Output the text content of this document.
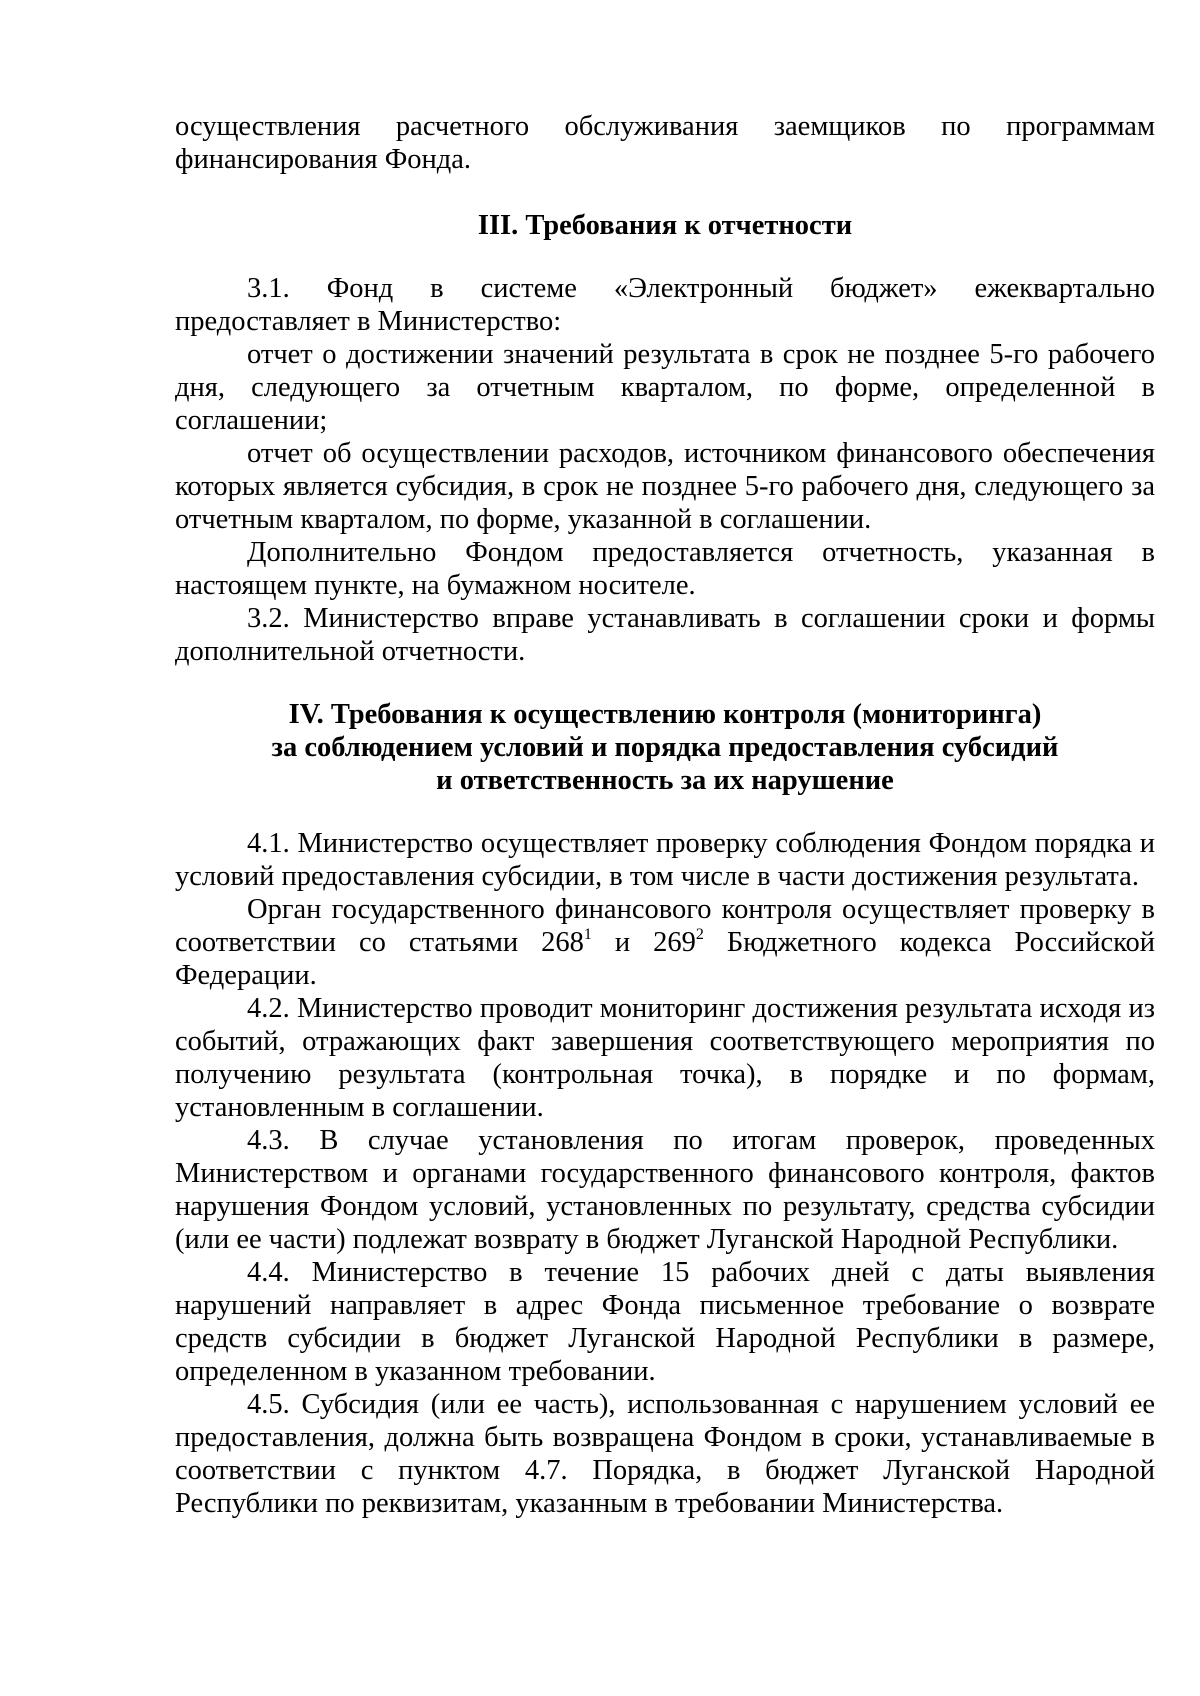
осуществления расчетного обслуживания заемщиков по программам финансирования Фонда.

III. Требования к отчетности

3.1. Фонд в системе «Электронный бюджет» ежеквартально предоставляет в Министерство:

отчет о достижении значений результата в срок не позднее 5-го рабочего дня, следующего за отчетным кварталом, по форме, определенной в соглашении;

отчет об осуществлении расходов, источником финансового обеспечения которых является субсидия, в срок не позднее 5-го рабочего дня, следующего за отчетным кварталом, по форме, указанной в соглашении.

Дополнительно Фондом предоставляется отчетность, указанная в настоящем пункте, на бумажном носителе.

3.2. Министерство вправе устанавливать в соглашении сроки и формы дополнительной отчетности.

IV. Требования к осуществлению контроля (мониторинга)
за соблюдением условий и порядка предоставления субсидий
и ответственность за их нарушение

4.1. Министерство осуществляет проверку соблюдения Фондом порядка и условий предоставления субсидии, в том числе в части достижения результата.

Орган государственного финансового контроля осуществляет проверку в соответствии со статьями $268^1$ и $269^2$ Бюджетного кодекса Российской Федерации.

4.2. Министерство проводит мониторинг достижения результата исходя из событий, отражающих факт завершения соответствующего мероприятия по получению результата (контрольная точка), в порядке и по формам, установленным в соглашении.

4.3. В случае установления по итогам проверок, проведенных Министерством и органами государственного финансового контроля, фактов нарушения Фондом условий, установленных по результату, средства субсидии (или ее части) подлежат возврату в бюджет Луганской Народной Республики.

4.4. Министерство в течение 15 рабочих дней с даты выявления нарушений направляет в адрес Фонда письменное требование о возврате средств субсидии в бюджет Луганской Народной Республики в размере, определенном в указанном требовании.

4.5. Субсидия (или ее часть), использованная с нарушением условий ее предоставления, должна быть возвращена Фондом в сроки, устанавливаемые в соответствии с пунктом 4.7. Порядка, в бюджет Луганской Народной Республики по реквизитам, указанным в требовании Министерства.
